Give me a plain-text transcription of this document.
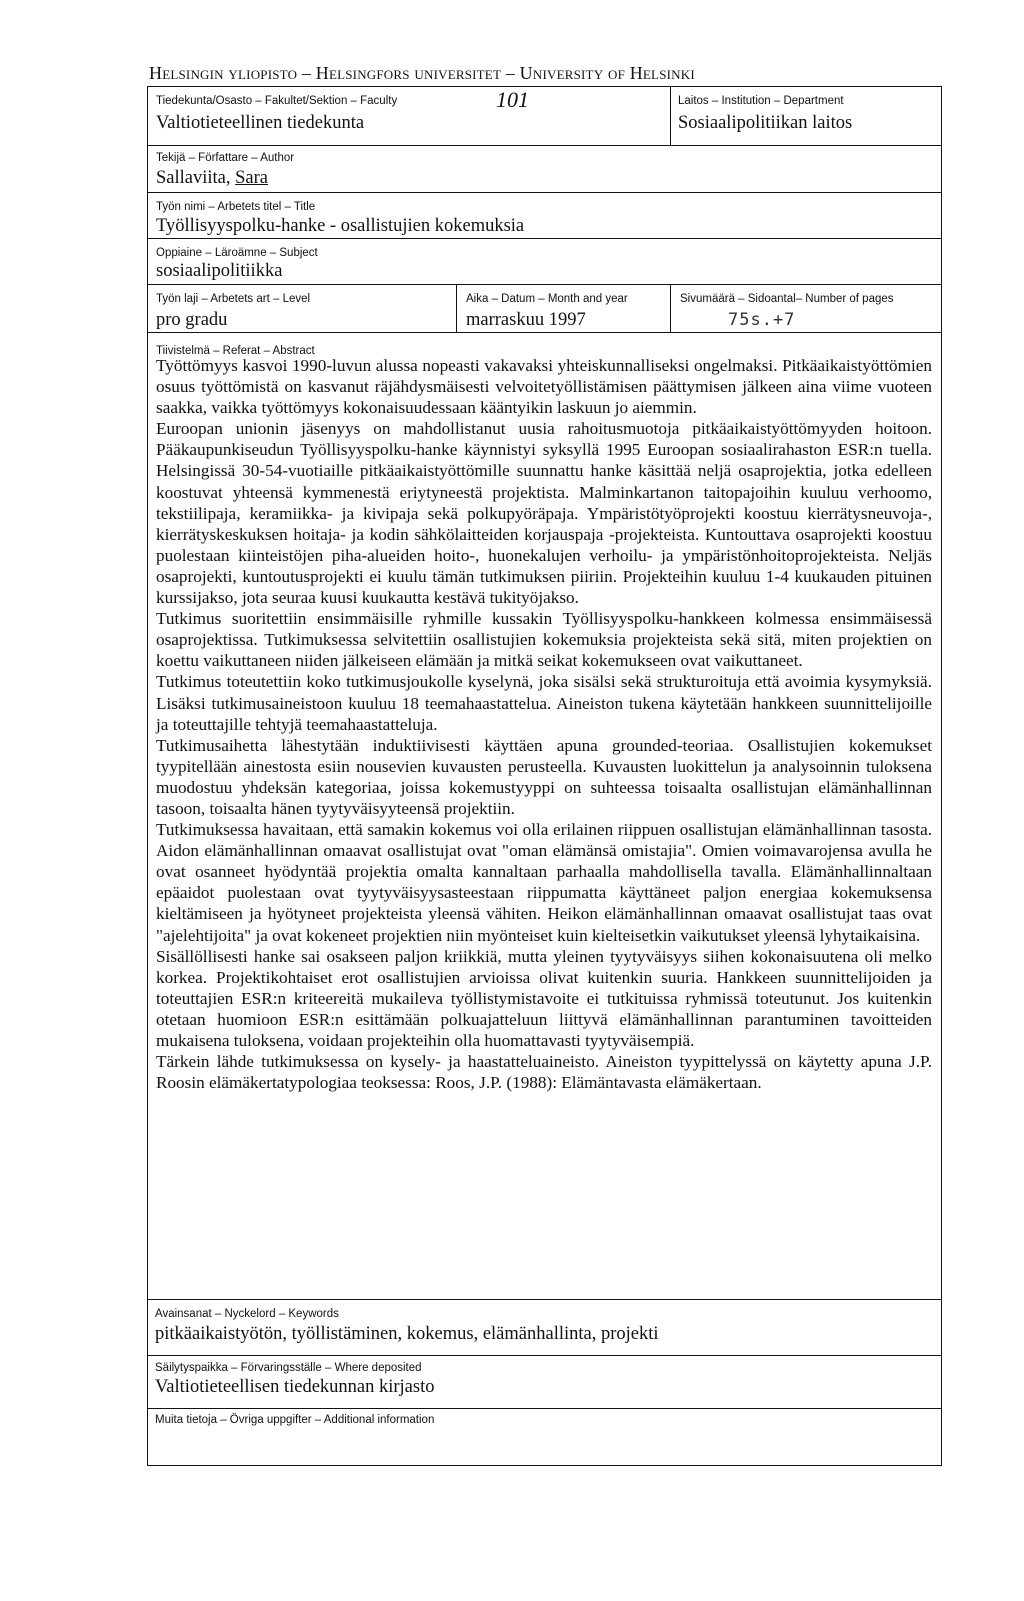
Helsingin yliopisto – Helsingfors universitet – University of Helsinki
Tiedekunta/Osasto – Fakultet/Sektion – Faculty
Valtiotieteellinen tiedekunta
101	Laitos – Institution – Department
Sosiaalipolitiikan laitos
Tekijä – Författare – Author
Sallaviita, Sara
Työn nimi – Arbetets titel – Title
Työllisyyspolku-hanke - osallistujien kokemuksia
Oppiaine – Läroämne – Subject
sosiaalipolitiikka
Työn laji – Arbetets art – Level
pro gradu
Aika – Datum – Month and year
marraskuu 1997
Sivumäärä – Sidoantal– Number of pages
75s.+7
Tiivistelmä – Referat – Abstract

Työttömyys kasvoi 1990-luvun alussa nopeasti vakavaksi yhteiskunnalliseksi ongelmaksi. Pitkäaikaistyöttömien osuus työttömistä on kasvanut räjähdysmäisesti velvoitetyöllistämisen päättymisen jälkeen aina viime vuoteen saakka, vaikka työttömyys kokonaisuudessaan kääntyikin laskuun jo aiemmin.

Euroopan unionin jäsenyys on mahdollistanut uusia rahoitusmuotoja pitkäaikaistyöttömyyden hoitoon. Pääkaupunkiseudun Työllisyyspolku-hanke käynnistyi syksyllä 1995 Euroopan sosiaalirahaston ESR:n tuella. Helsingissä 30-54-vuotiaille pitkäaikaistyöttömille suunnattu hanke käsittää neljä osaprojektia, jotka edelleen koostuvat yhteensä kymmenestä eriytyneestä projektista. Malminkartanon taitopajoihin kuuluu verhoomo, tekstiilipaja, keramiikka- ja kivipaja sekä polkupyöräpaja. Ympäristötyöprojekti koostuu kierrätysneuvoja-, kierrätyskeskuksen hoitaja- ja kodin sähkölaitteiden korjauspaja -projekteista. Kuntouttava osaprojekti koostuu puolestaan kiinteistöjen piha-alueiden hoito-, huonekalujen verhoilu- ja ympäristönhoitoprojekteista. Neljäs osaprojekti, kuntoutusprojekti ei kuulu tämän tutkimuksen piiriin. Projekteihin kuuluu 1-4 kuukauden pituinen kurssijakso, jota seuraa kuusi kuukautta kestävä tukityöjakso.

Tutkimus suoritettiin ensimmäisille ryhmille kussakin Työllisyyspolku-hankkeen kolmessa ensimmäisessä osaprojektissa. Tutkimuksessa selvitettiin osallistujien kokemuksia projekteista sekä sitä, miten projektien on koettu vaikuttaneen niiden jälkeiseen elämään ja mitkä seikat kokemukseen ovat vaikuttaneet.

Tutkimus toteutettiin koko tutkimusjoukolle kyselynä, joka sisälsi sekä strukturoituja että avoimia kysymyksiä. Lisäksi tutkimusaineistoon kuuluu 18 teemahaastattelua. Aineiston tukena käytetään hankkeen suunnittelijoille ja toteuttajille tehtyjä teemahaastatteluja.

Tutkimusaihetta lähestytään induktiivisesti käyttäen apuna grounded-teoriaa. Osallistujien kokemukset tyypitellään ainestosta esiin nousevien kuvausten perusteella. Kuvausten luokittelun ja analysoinnin tuloksena muodostuu yhdeksän kategoriaa, joissa kokemustyyppi on suhteessa toisaalta osallistujan elämänhallinnan tasoon, toisaalta hänen tyytyväisyyteensä projektiin.

Tutkimuksessa havaitaan, että samakin kokemus voi olla erilainen riippuen osallistujan elämänhallinnan tasosta. Aidon elämänhallinnan omaavat osallistujat ovat "oman elämänsä omistajia". Omien voimavarojensa avulla he ovat osanneet hyödyntää projektia omalta kannaltaan parhaalla mahdollisella tavalla. Elämänhallinnaltaan epäaidot puolestaan ovat tyytyväisyysasteestaan riippumatta käyttäneet paljon energiaa kokemuksensa kieltämiseen ja hyötyneet projekteista yleensä vähiten. Heikon elämänhallinnan omaavat osallistujat taas ovat "ajelehtijoita" ja ovat kokeneet projektien niin myönteiset kuin kielteisetkin vaikutukset yleensä lyhytaikaisina.

Sisällöllisesti hanke sai osakseen paljon kriikkiä, mutta yleinen tyytyväisyys siihen kokonaisuutena oli melko korkea. Projektikohtaiset erot osallistujien arvioissa olivat kuitenkin suuria. Hankkeen suunnittelijoiden ja toteuttajien ESR:n kriteereitä mukaileva työllistymistavoite ei tutkituissa ryhmissä toteutunut. Jos kuitenkin otetaan huomioon ESR:n esittämään polkuajatteluun liittyvä elämänhallinnan parantuminen tavoitteiden mukaisena tuloksena, voidaan projekteihin olla huomattavasti tyytyväisempiä.

Tärkein lähde tutkimuksessa on kysely- ja haastatteluaineisto. Aineiston tyypittelyssä on käytetty apuna J.P. Roosin elämäkertatypologiaa teoksessa: Roos, J.P. (1988): Elämäntavasta elämäkertaan.

Avainsanat – Nyckelord – Keywords
pitkäaikaistyötön, työllistäminen, kokemus, elämänhallinta, projekti
Säilytyspaikka – Förvaringsställe – Where deposited
Valtiotieteellisen tiedekunnan kirjasto
Muita tietoja – Övriga uppgifter – Additional information
